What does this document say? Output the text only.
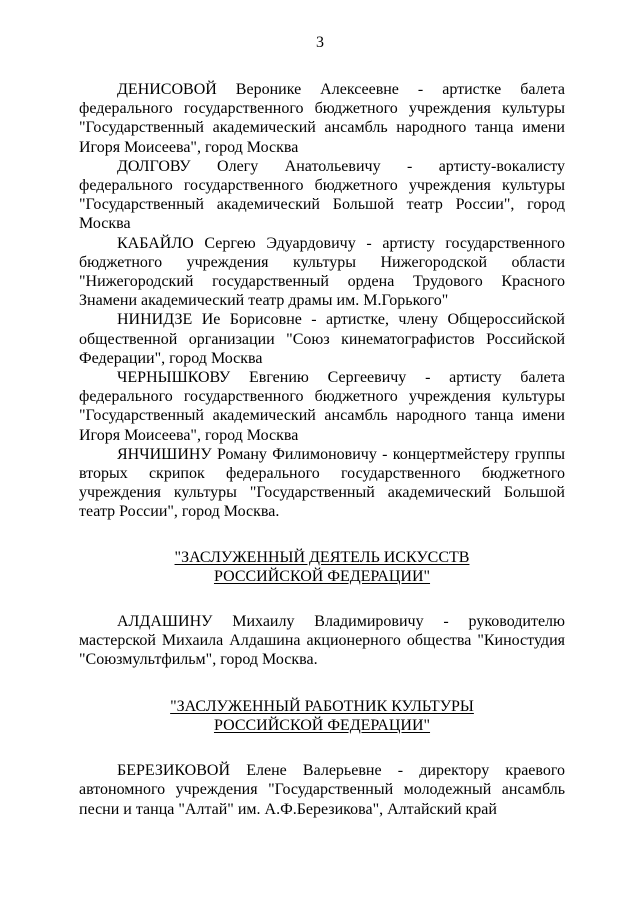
3

ДЕНИСОВОЙ Веронике Алексеевне - артистке балета федерального государственного бюджетного учреждения культуры "Государственный академический ансамбль народного танца имени Игоря Моисеева", город Москва

ДОЛГОВУ Олегу Анатольевичу - артисту-вокалисту федерального государственного бюджетного учреждения культуры "Государственный академический Большой театр России", город Москва

КАБАЙЛО Сергею Эдуардовичу - артисту государственного бюджетного учреждения культуры Нижегородской области "Нижегородский государственный ордена Трудового Красного Знамени академический театр драмы им. М.Горького"

НИНИДЗЕ Ие Борисовне - артистке, члену Общероссийской общественной организации "Союз кинематографистов Российской Федерации", город Москва

ЧЕРНЫШКОВУ Евгению Сергеевичу - артисту балета федерального государственного бюджетного учреждения культуры "Государственный академический ансамбль народного танца имени Игоря Моисеева", город Москва

ЯНЧИШИНУ Роману Филимоновичу - концертмейстеру группы вторых скрипок федерального государственного бюджетного учреждения культуры "Государственный академический Большой театр России", город Москва.

"ЗАСЛУЖЕННЫЙ ДЕЯТЕЛЬ ИСКУССТВ
РОССИЙСКОЙ ФЕДЕРАЦИИ"

АЛДАШИНУ Михаилу Владимировичу - руководителю мастерской Михаила Алдашина акционерного общества "Киностудия "Союзмультфильм", город Москва.

"ЗАСЛУЖЕННЫЙ РАБОТНИК КУЛЬТУРЫ
РОССИЙСКОЙ ФЕДЕРАЦИИ"

БЕРЕЗИКОВОЙ Елене Валерьевне - директору краевого автономного учреждения "Государственный молодежный ансамбль песни и танца "Алтай" им. А.Ф.Березикова", Алтайский край
